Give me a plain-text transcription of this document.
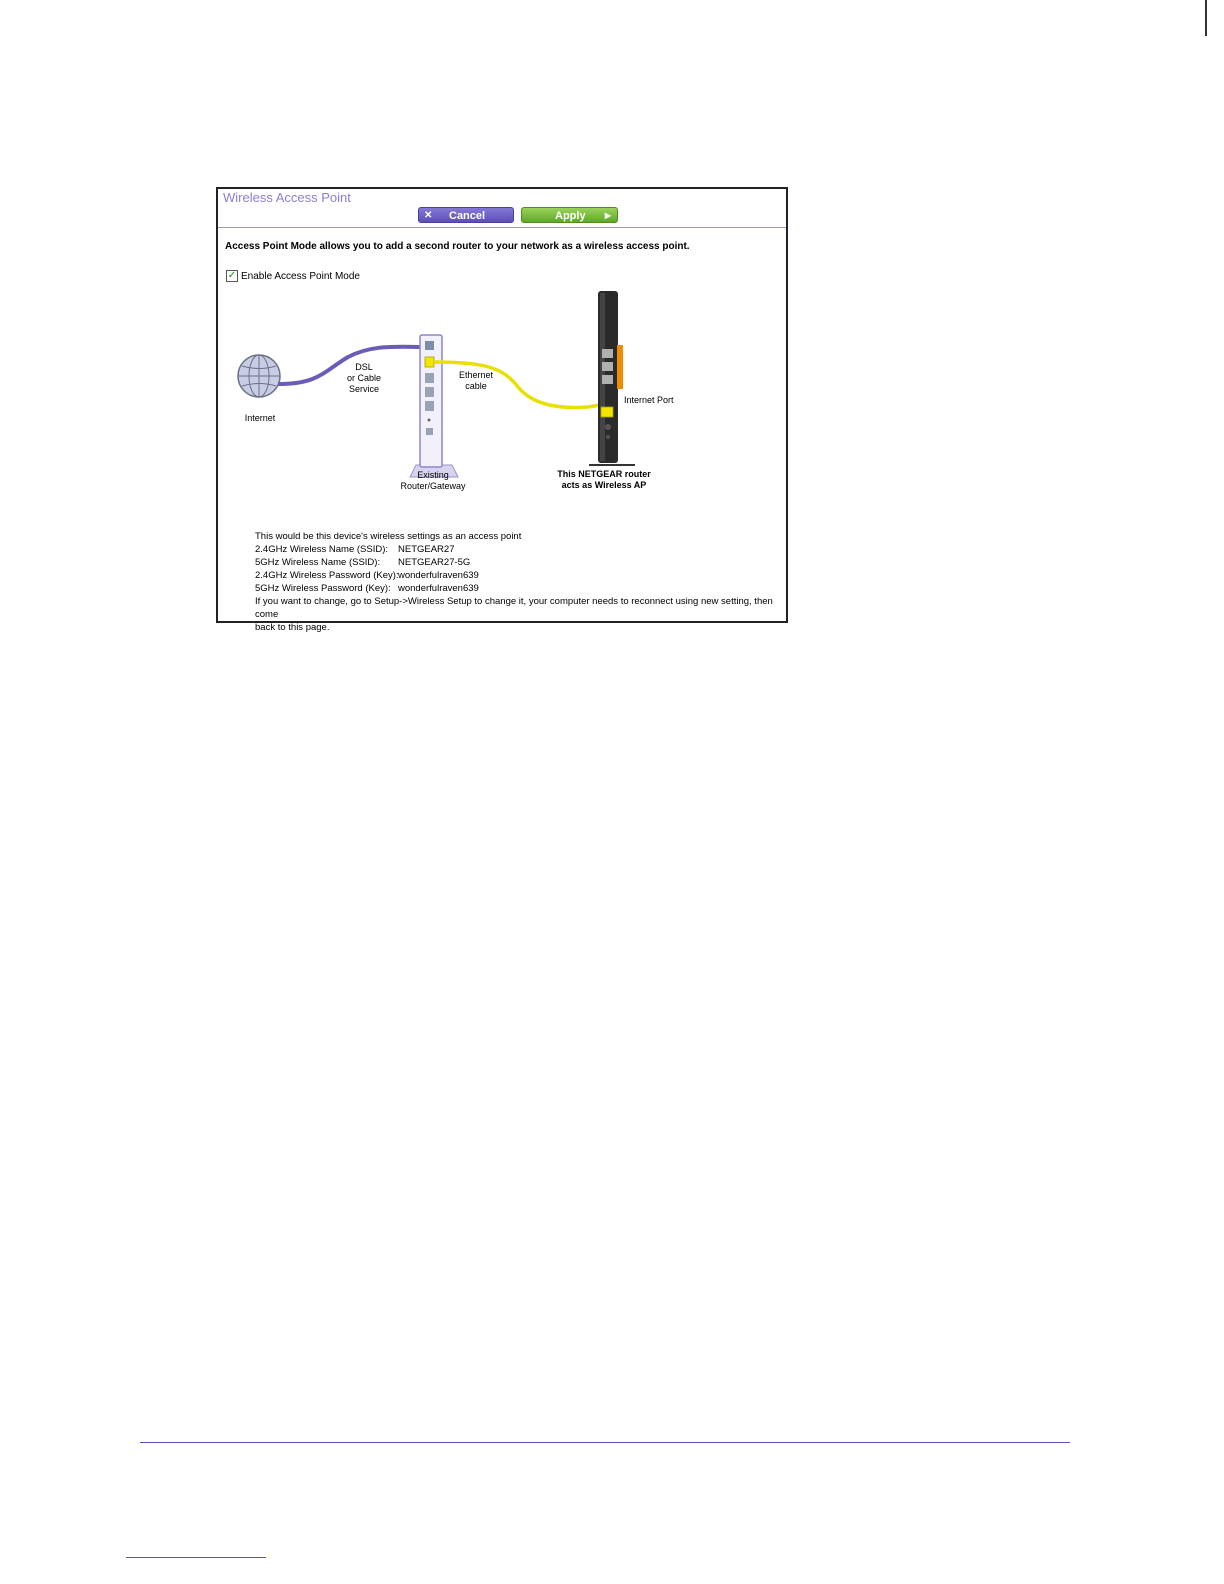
Wireless Access Point
✕ Cancel	Apply ▶
Access Point Mode allows you to add a second router to your network as a wireless access point.
✓ Enable Access Point Mode
Internet
DSL
or Cable
Service
Ethernet
cable
Internet Port
Existing
Router/Gateway
This NETGEAR router
acts as Wireless AP
This would be this device's wireless settings as an access point
2.4GHz Wireless Name (SSID):	NETGEAR27
5GHz Wireless Name (SSID):	NETGEAR27-5G
2.4GHz Wireless Password (Key): wonderfulraven639
5GHz Wireless Password (Key): wonderfulraven639
If you want to change, go to Setup->Wireless Setup to change it, your computer needs to reconnect using new setting, then come
back to this page.
